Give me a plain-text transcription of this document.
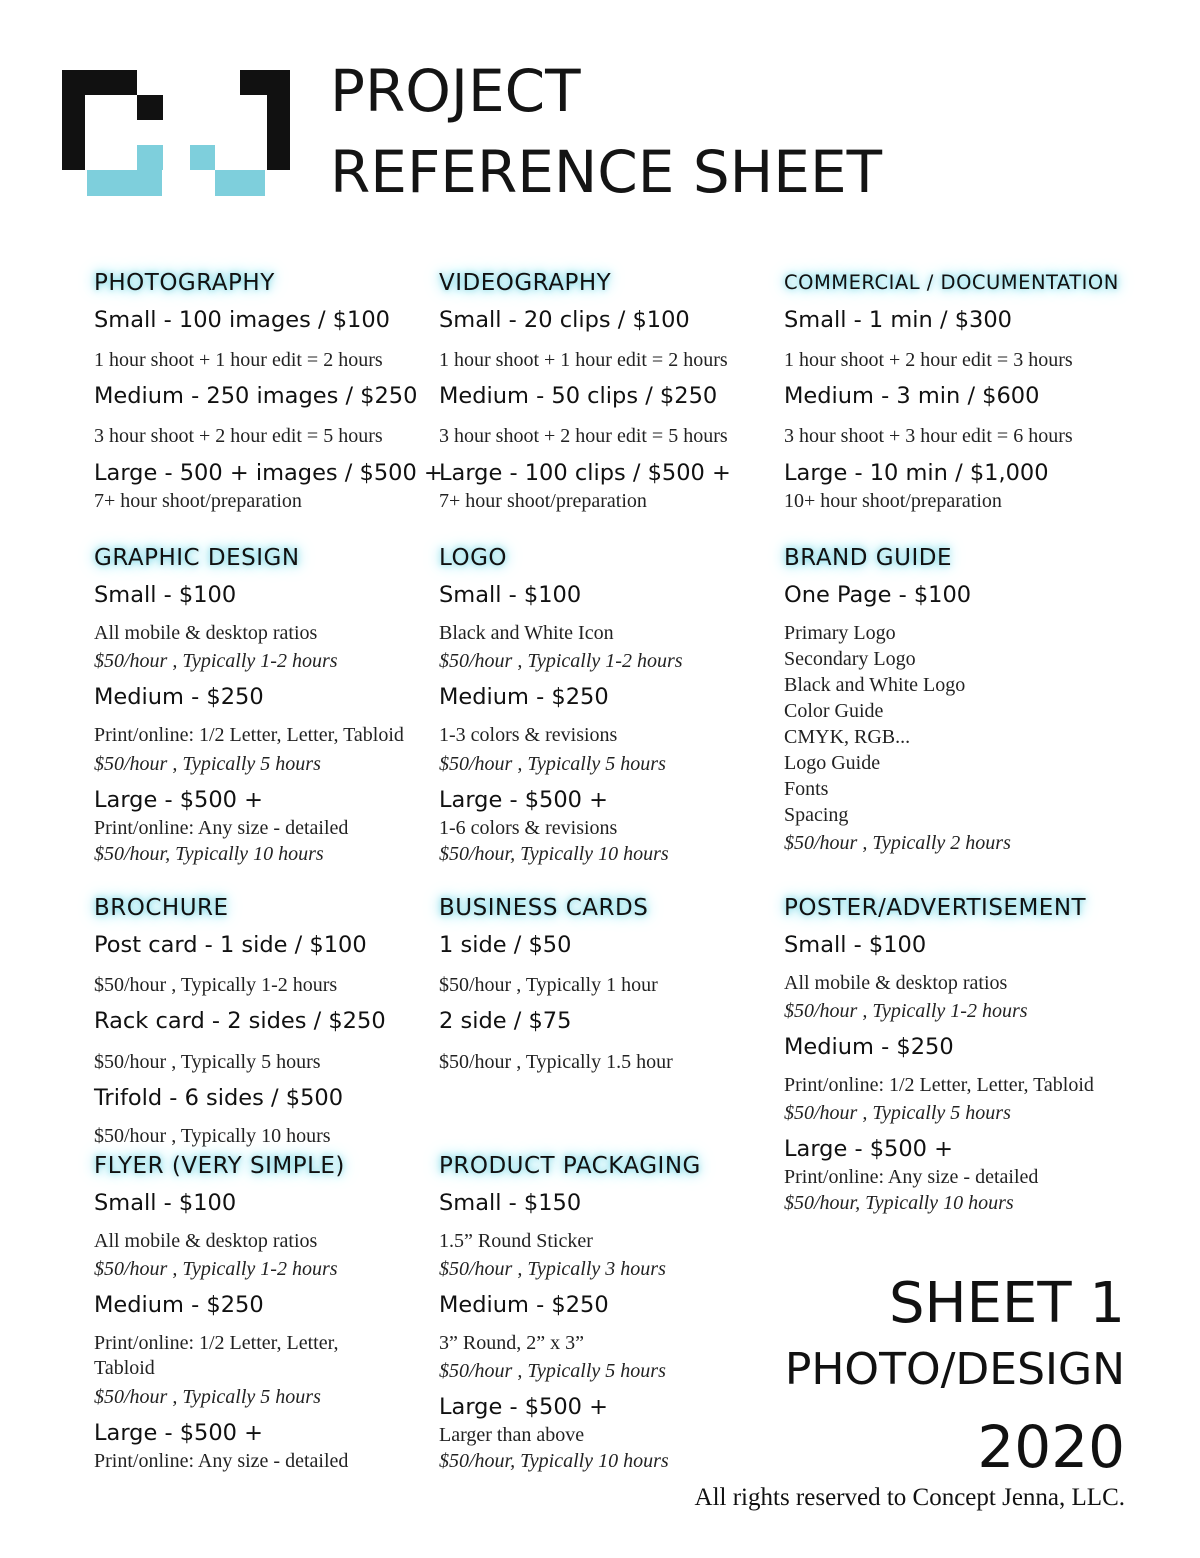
PROJECT
REFERENCE SHEET
PHOTOGRAPHY
Small - 100 images / $100
1 hour shoot + 1 hour edit = 2 hours
Medium - 250 images / $250
3 hour shoot + 2 hour edit = 5 hours
Large - 500 + images / $500 +
7+ hour shoot/preparation
VIDEOGRAPHY
Small - 20 clips / $100
1 hour shoot + 1 hour edit = 2 hours
Medium - 50 clips / $250
3 hour shoot + 2 hour edit = 5 hours
Large - 100 clips / $500 +
7+ hour shoot/preparation
COMMERCIAL / DOCUMENTATION
Small - 1 min / $300
1 hour shoot + 2 hour edit = 3 hours
Medium - 3 min / $600
3 hour shoot + 3 hour edit = 6 hours
Large - 10 min / $1,000
10+ hour shoot/preparation
GRAPHIC DESIGN
Small - $100
All mobile & desktop ratios
$50/hour , Typically 1-2 hours
Medium - $250
Print/online: 1/2 Letter, Letter, Tabloid
$50/hour , Typically 5 hours
Large - $500 +
Print/online: Any size - detailed
$50/hour, Typically 10 hours
LOGO
Small - $100
Black and White Icon
$50/hour , Typically 1-2 hours
Medium - $250
1-3 colors & revisions
$50/hour , Typically 5 hours
Large - $500 +
1-6 colors & revisions
$50/hour, Typically 10 hours
BRAND GUIDE
One Page - $100
Primary Logo
Secondary Logo
Black and White Logo
Color Guide
CMYK, RGB...
Logo Guide
Fonts
Spacing
$50/hour , Typically 2 hours
BROCHURE
Post card - 1 side / $100
$50/hour , Typically 1-2 hours
Rack card - 2 sides / $250
$50/hour , Typically 5 hours
Trifold - 6 sides / $500
$50/hour , Typically 10 hours
BUSINESS CARDS
1 side / $50
$50/hour , Typically 1 hour
2 side / $75
$50/hour , Typically 1.5 hour
POSTER/ADVERTISEMENT
Small - $100
All mobile & desktop ratios
$50/hour , Typically 1-2 hours
Medium - $250
Print/online: 1/2 Letter, Letter, Tabloid
$50/hour , Typically 5 hours
Large - $500 +
Print/online: Any size - detailed
$50/hour, Typically 10 hours
FLYER (VERY SIMPLE)
Small - $100
All mobile & desktop ratios
$50/hour , Typically 1-2 hours
Medium - $250
Print/online: 1/2 Letter, Letter,
Tabloid
$50/hour , Typically 5 hours
Large - $500 +
Print/online: Any size - detailed
PRODUCT PACKAGING
Small - $150
1.5” Round Sticker
$50/hour , Typically 3 hours
Medium - $250
3” Round, 2” x 3”
$50/hour , Typically 5 hours
Large - $500 +
Larger than above
$50/hour, Typically 10 hours
SHEET 1
PHOTO/DESIGN
2020
All rights reserved to Concept Jenna, LLC.
